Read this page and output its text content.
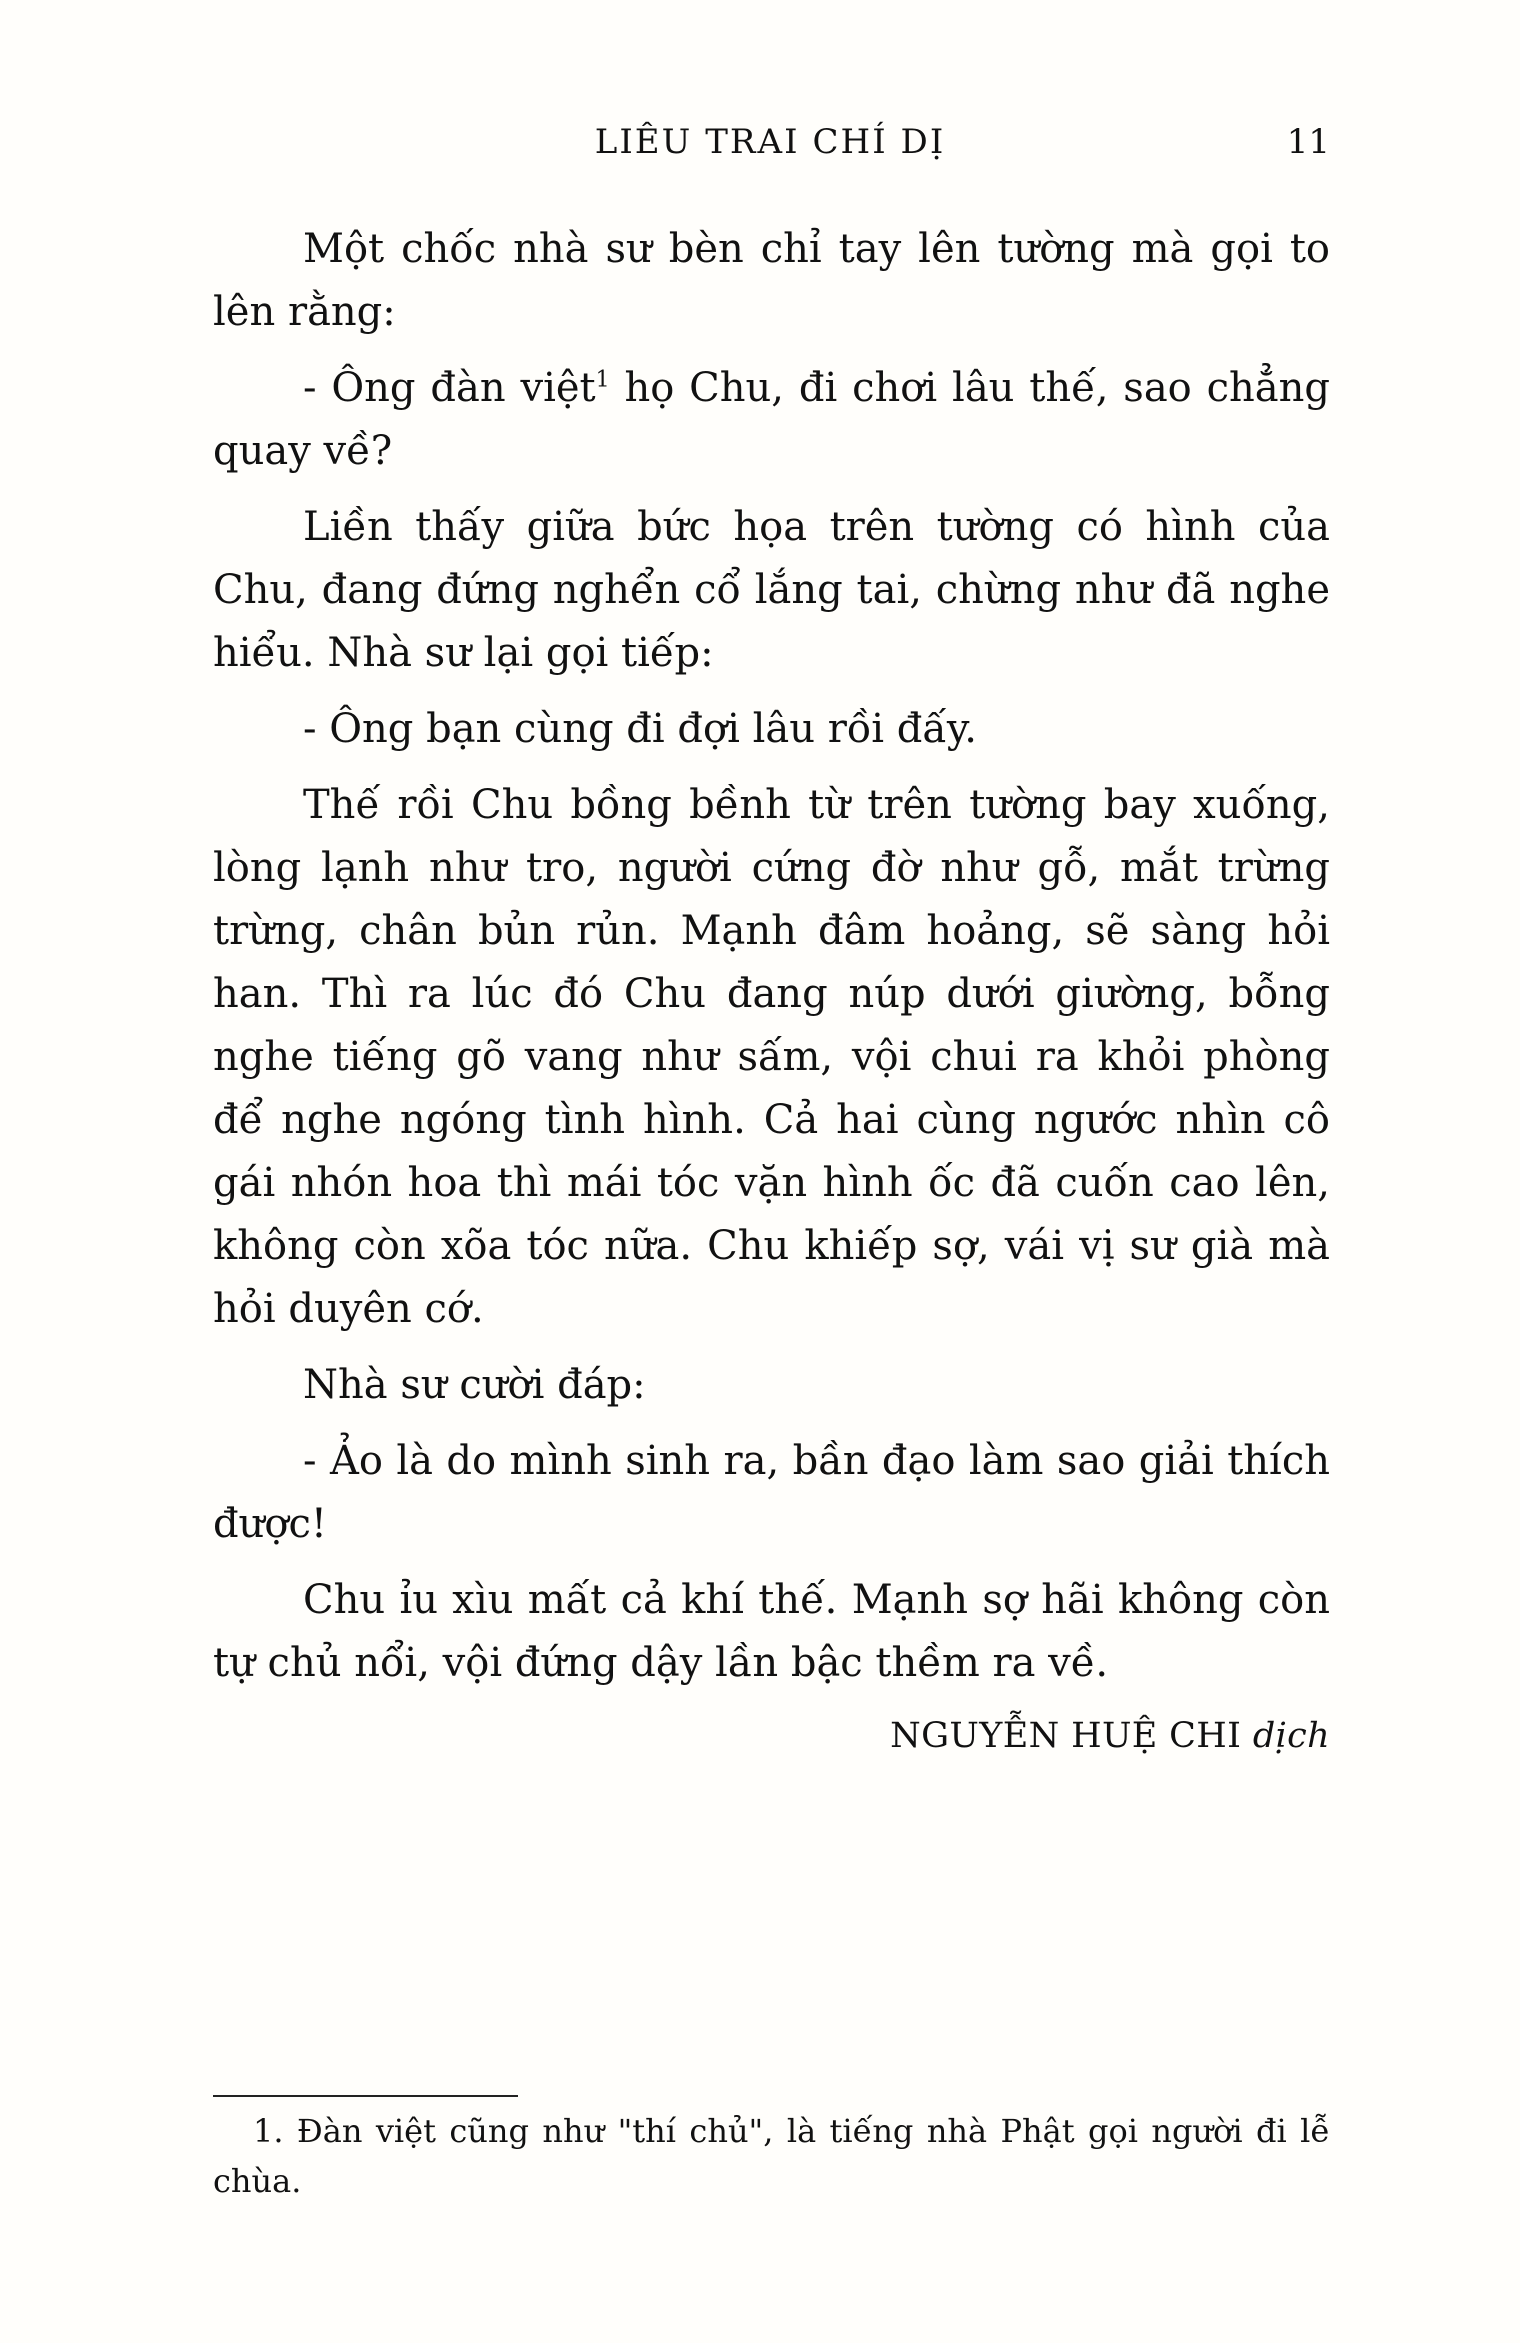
LIÊU TRAI CHÍ DỊ	11

Một chốc nhà sư bèn chỉ tay lên tường mà gọi to lên rằng:

- Ông đàn việt$^1$ họ Chu, đi chơi lâu thế, sao chẳng quay về?

Liền thấy giữa bức họa trên tường có hình của Chu, đang đứng nghển cổ lắng tai, chừng như đã nghe hiểu. Nhà sư lại gọi tiếp:

- Ông bạn cùng đi đợi lâu rồi đấy.

Thế rồi Chu bồng bềnh từ trên tường bay xuống, lòng lạnh như tro, người cứng đờ như gỗ, mắt trừng trừng, chân bủn rủn. Mạnh đâm hoảng, sẽ sàng hỏi han. Thì ra lúc đó Chu đang núp dưới giường, bỗng nghe tiếng gõ vang như sấm, vội chui ra khỏi phòng để nghe ngóng tình hình. Cả hai cùng ngước nhìn cô gái nhón hoa thì mái tóc vặn hình ốc đã cuốn cao lên, không còn xõa tóc nữa. Chu khiếp sợ, vái vị sư già mà hỏi duyên cớ.

Nhà sư cười đáp:

- Ảo là do mình sinh ra, bần đạo làm sao giải thích được!

Chu ỉu xìu mất cả khí thế. Mạnh sợ hãi không còn tự chủ nổi, vội đứng dậy lần bậc thềm ra về.

NGUYỄN HUỆ CHI dịch

1. Đàn việt cũng như "thí chủ", là tiếng nhà Phật gọi người đi lễ chùa.
